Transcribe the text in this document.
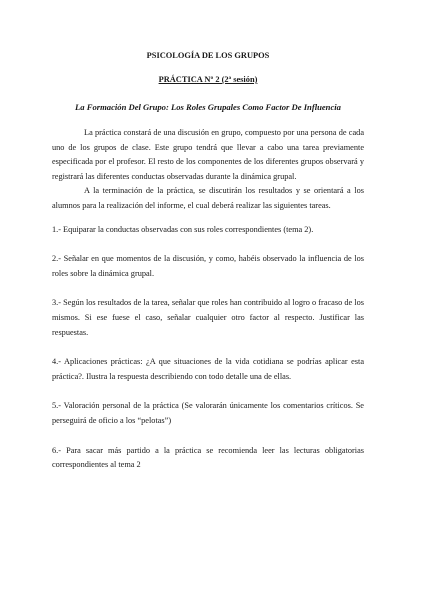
PSICOLOGÍA DE LOS GRUPOS

PRÁCTICA Nº 2 (2ª sesión)

La Formación Del Grupo: Los Roles Grupales Como Factor De Influencia

La práctica constará de una discusión en grupo, compuesto por una persona de cada uno de los grupos de clase. Este grupo tendrá que llevar a cabo una tarea previamente especificada por el profesor. El resto de los componentes de los diferentes grupos observará y registrará las diferentes conductas observadas durante la dinámica grupal.

A la terminación de la práctica, se discutirán los resultados y se orientará a los alumnos para la realización del informe, el cual deberá realizar las siguientes tareas.

1.- Equiparar la conductas observadas con sus roles correspondientes (tema 2).

2.- Señalar en que momentos de la discusión, y como, habéis observado la influencia de los roles sobre la dinámica grupal.

3.- Según los resultados de la tarea, señalar que roles han contribuido al logro o fracaso de los mismos. Si ese fuese el caso, señalar cualquier otro factor al respecto. Justificar las respuestas.

4.- Aplicaciones prácticas: ¿A que situaciones de la vida cotidiana se podrías aplicar esta práctica?. Ilustra la respuesta describiendo con todo detalle una de ellas.

5.- Valoración personal de la práctica (Se valorarán únicamente los comentarios críticos. Se perseguirá de oficio a los “pelotas”)

6.- Para sacar más partido a la práctica se recomienda leer las lecturas obligatorias correspondientes al tema 2
